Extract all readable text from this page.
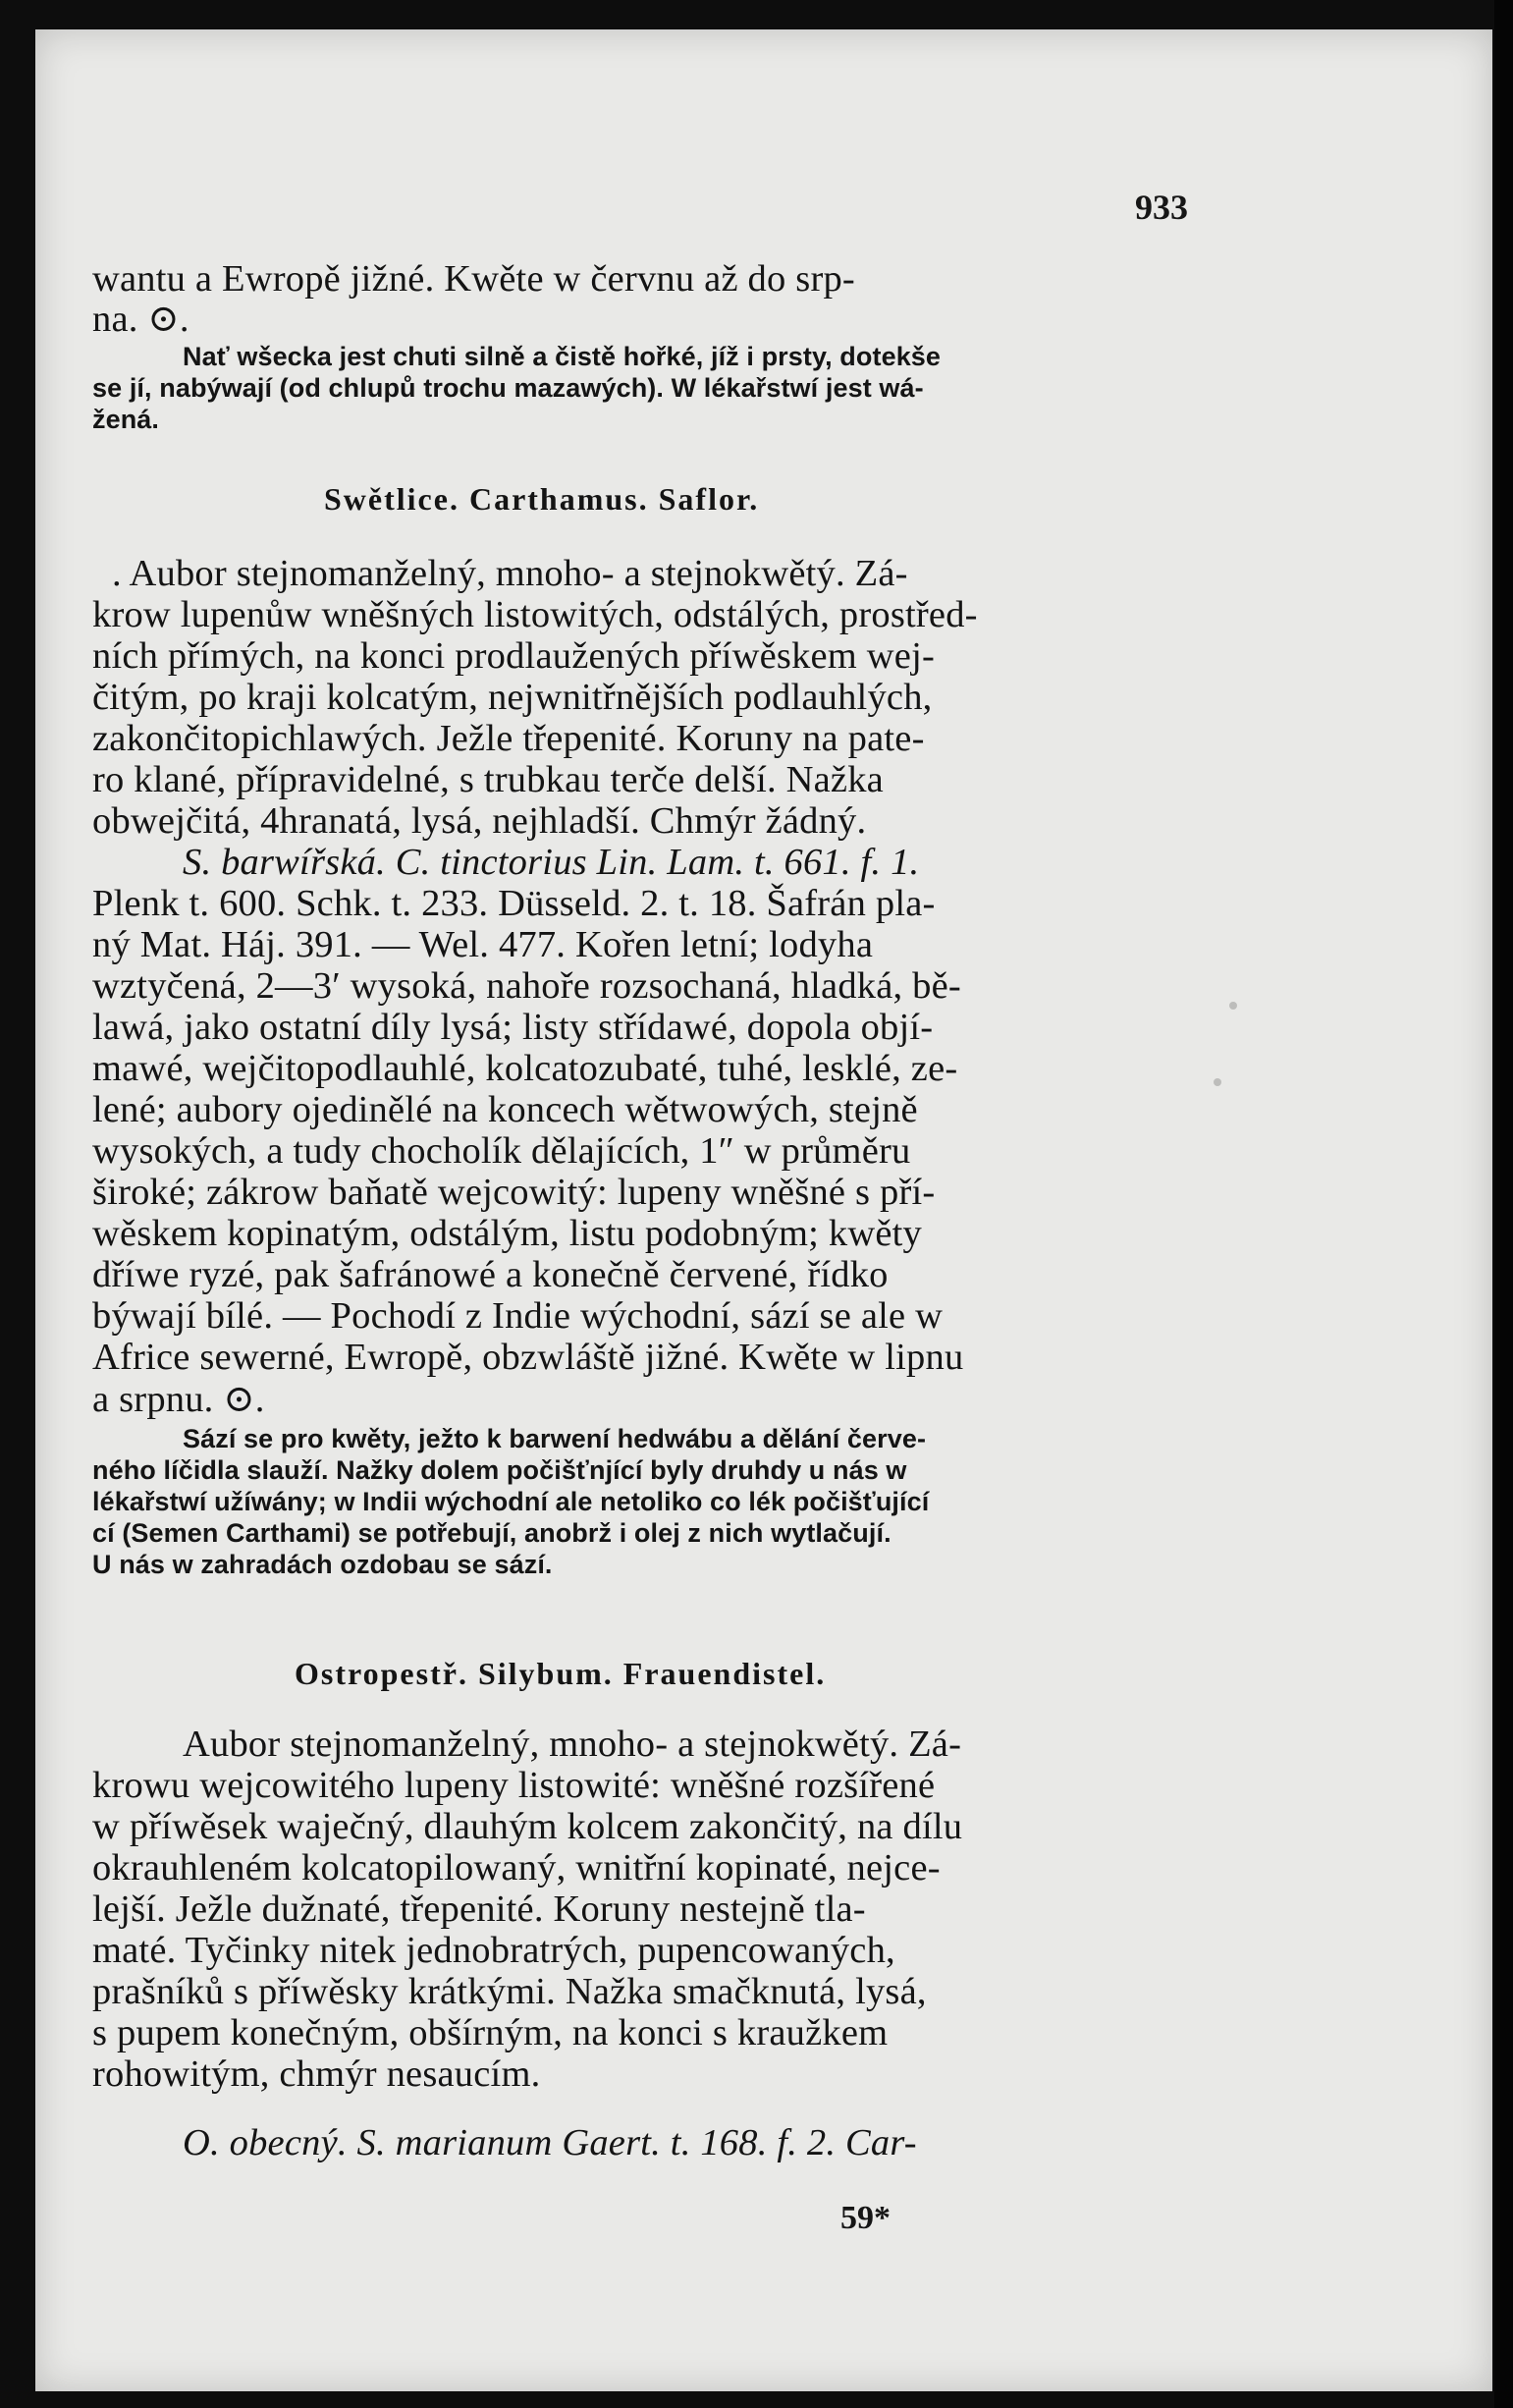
933
wantu a Ewropě jižné. Kwěte w červnu až do srp-
na. ⊙.
Nať wšecka jest chuti silně a čistě hořké, jíž i prsty, dotekše
se jí, nabýwají (od chlupů trochu mazawých). W lékařstwí jest wá-
žená.
Swětlice. Carthamus. Saflor.
. Aubor stejnomanželný, mnoho- a stejnokwětý. Zá-
krow lupenůw wněšných listowitých, odstálých, prostřed-
ních přímých, na konci prodlaužených příwěskem wej-
čitým, po kraji kolcatým, nejwnitřnějších podlauhlých,
zakončitopichlawých. Ježle třepenité. Koruny na pate-
ro klané, přípravidelné, s trubkau terče delší. Nažka
obwejčitá, 4hranatá, lysá, nejhladší. Chmýr žádný.
S. barwířská. C. tinctorius Lin. Lam. t. 661. f. 1.
Plenk t. 600. Schk. t. 233. Düsseld. 2. t. 18. Šafrán pla-
ný Mat. Háj. 391. — Wel. 477. Kořen letní; lodyha
wztyčená, 2—3′ wysoká, nahoře rozsochaná, hladká, bě-
lawá, jako ostatní díly lysá; listy střídawé, dopola objí-
mawé, wejčitopodlauhlé, kolcatozubaté, tuhé, lesklé, ze-
lené; aubory ojedinělé na koncech wětwowých, stejně
wysokých, a tudy chocholík dělajících, 1″ w průměru
široké; zákrow baňatě wejcowitý: lupeny wněšné s pří-
wěskem kopinatým, odstálým, listu podobným; kwěty
dříwe ryzé, pak šafránowé a konečně červené, řídko
býwají bílé. — Pochodí z Indie wýchodní, sází se ale w
Africe sewerné, Ewropě, obzwláště jižné. Kwěte w lipnu
a srpnu. ⊙.
Sází se pro kwěty, ježto k barwení hedwábu a dělání červe-
ného líčidla slauží. Nažky dolem počišťnjící byly druhdy u nás w
lékařstwí užíwány; w Indii wýchodní ale netoliko co lék počišťující
cí (Semen Carthami) se potřebují, anobrž i olej z nich wytlačují.
U nás w zahradách ozdobau se sází.
Ostropestř. Silybum. Frauendistel.
Aubor stejnomanželný, mnoho- a stejnokwětý. Zá-
krowu wejcowitého lupeny listowité: wněšné rozšířené
w příwěsek waječný, dlauhým kolcem zakončitý, na dílu
okrauhleném kolcatopilowaný, wnitřní kopinaté, nejce-
lejší. Ježle dužnaté, třepenité. Koruny nestejně tla-
maté. Tyčinky nitek jednobratrých, pupencowaných,
prašníků s příwěsky krátkými. Nažka smačknutá, lysá,
s pupem konečným, obšírným, na konci s kraužkem
rohowitým, chmýr nesaucím.
O. obecný. S. marianum Gaert. t. 168. f. 2. Car-
59*
